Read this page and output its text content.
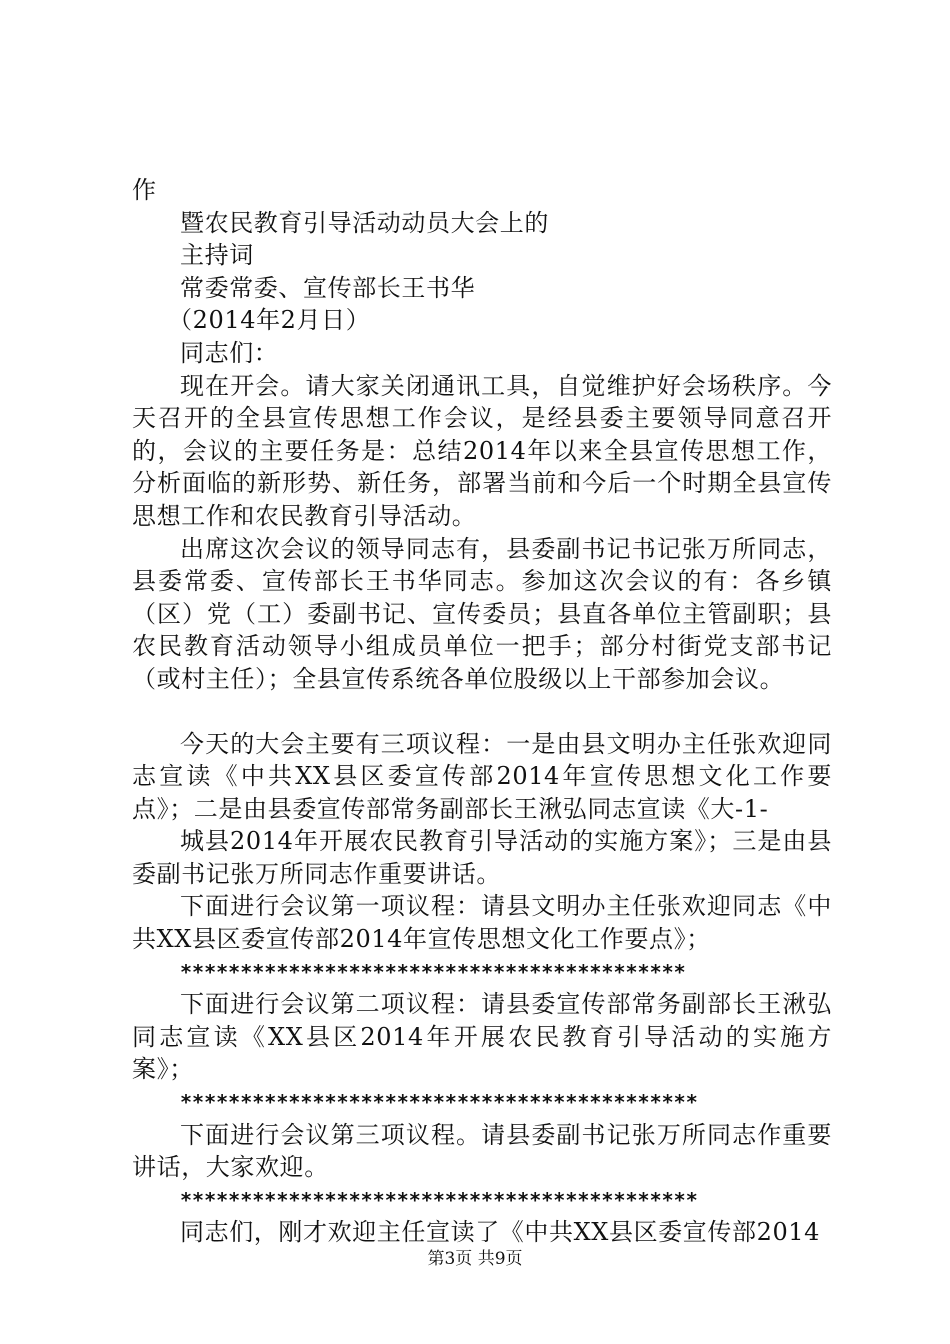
作
暨农民教育引导活动动员大会上的
主持词
常委常委、宣传部长王书华
（2014年2月日）
同志们：

现在开会。请大家关闭通讯工具，自觉维护好会场秩序。今天召开的全县宣传思想工作会议，是经县委主要领导同意召开的，会议的主要任务是：总结2014年以来全县宣传思想工作，分析面临的新形势、新任务，部署当前和今后一个时期全县宣传思想工作和农民教育引导活动。

出席这次会议的领导同志有，县委副书记书记张万所同志，县委常委、宣传部长王书华同志。参加这次会议的有：各乡镇（区）党（工）委副书记、宣传委员；县直各单位主管副职；县农民教育活动领导小组成员单位一把手；部分村街党支部书记（或村主任）；全县宣传系统各单位股级以上干部参加会议。

今天的大会主要有三项议程：一是由县文明办主任张欢迎同志宣读《中共XX县区委宣传部2014年宣传思想文化工作要点》；二是由县委宣传部常务副部长王湫弘同志宣读《大-1-

城县2014年开展农民教育引导活动的实施方案》；三是由县委副书记张万所同志作重要讲话。

下面进行会议第一项议程：请县文明办主任张欢迎同志《中共XX县区委宣传部2014年宣传思想文化工作要点》；

******************************************

下面进行会议第二项议程：请县委宣传部常务副部长王湫弘同志宣读《XX县区2014年开展农民教育引导活动的实施方案》；

*******************************************

下面进行会议第三项议程。请县委副书记张万所同志作重要讲话，大家欢迎。

*******************************************

同志们，刚才欢迎主任宣读了《中共XX县区委宣传部2014

第3页 共9页
